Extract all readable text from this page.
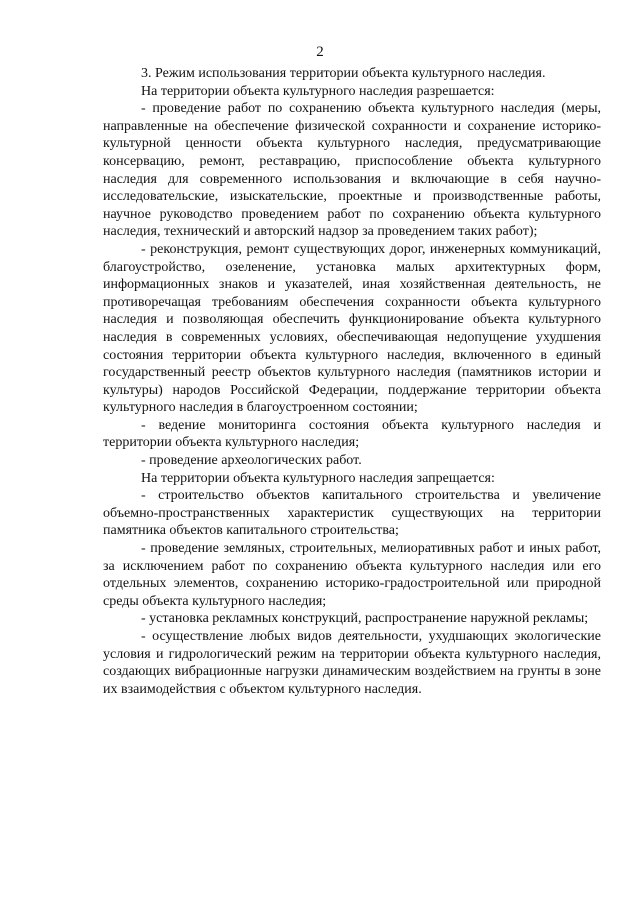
2

3. Режим использования территории объекта культурного наследия.

На территории объекта культурного наследия разрешается:

- проведение работ по сохранению объекта культурного наследия (меры, направленные на обеспечение физической сохранности и сохранение историко-культурной ценности объекта культурного наследия, предусматривающие консервацию, ремонт, реставрацию, приспособление объекта культурного наследия для современного использования и включающие в себя научно-исследовательские, изыскательские, проектные и производственные работы, научное руководство проведением работ по сохранению объекта культурного наследия, технический и авторский надзор за проведением таких работ);

- реконструкция, ремонт существующих дорог, инженерных коммуникаций, благоустройство, озеленение, установка малых архитектурных форм, информационных знаков и указателей, иная хозяйственная деятельность, не противоречащая требованиям обеспечения сохранности объекта культурного наследия и позволяющая обеспечить функционирование объекта культурного наследия в современных условиях, обеспечивающая недопущение ухудшения состояния территории объекта культурного наследия, включенного в единый государственный реестр объектов культурного наследия (памятников истории и культуры) народов Российской Федерации, поддержание территории объекта культурного наследия в благоустроенном состоянии;

- ведение мониторинга состояния объекта культурного наследия и территории объекта культурного наследия;

- проведение археологических работ.

На территории объекта культурного наследия запрещается:

- строительство объектов капитального строительства и увеличение объемно-пространственных характеристик существующих на территории памятника объектов капитального строительства;

- проведение земляных, строительных, мелиоративных работ и иных работ, за исключением работ по сохранению объекта культурного наследия или его отдельных элементов, сохранению историко-градостроительной или природной среды объекта культурного наследия;

- установка рекламных конструкций, распространение наружной рекламы;

- осуществление любых видов деятельности, ухудшающих экологические условия и гидрологический режим на территории объекта культурного наследия, создающих вибрационные нагрузки динамическим воздействием на грунты в зоне их взаимодействия с объектом культурного наследия.
